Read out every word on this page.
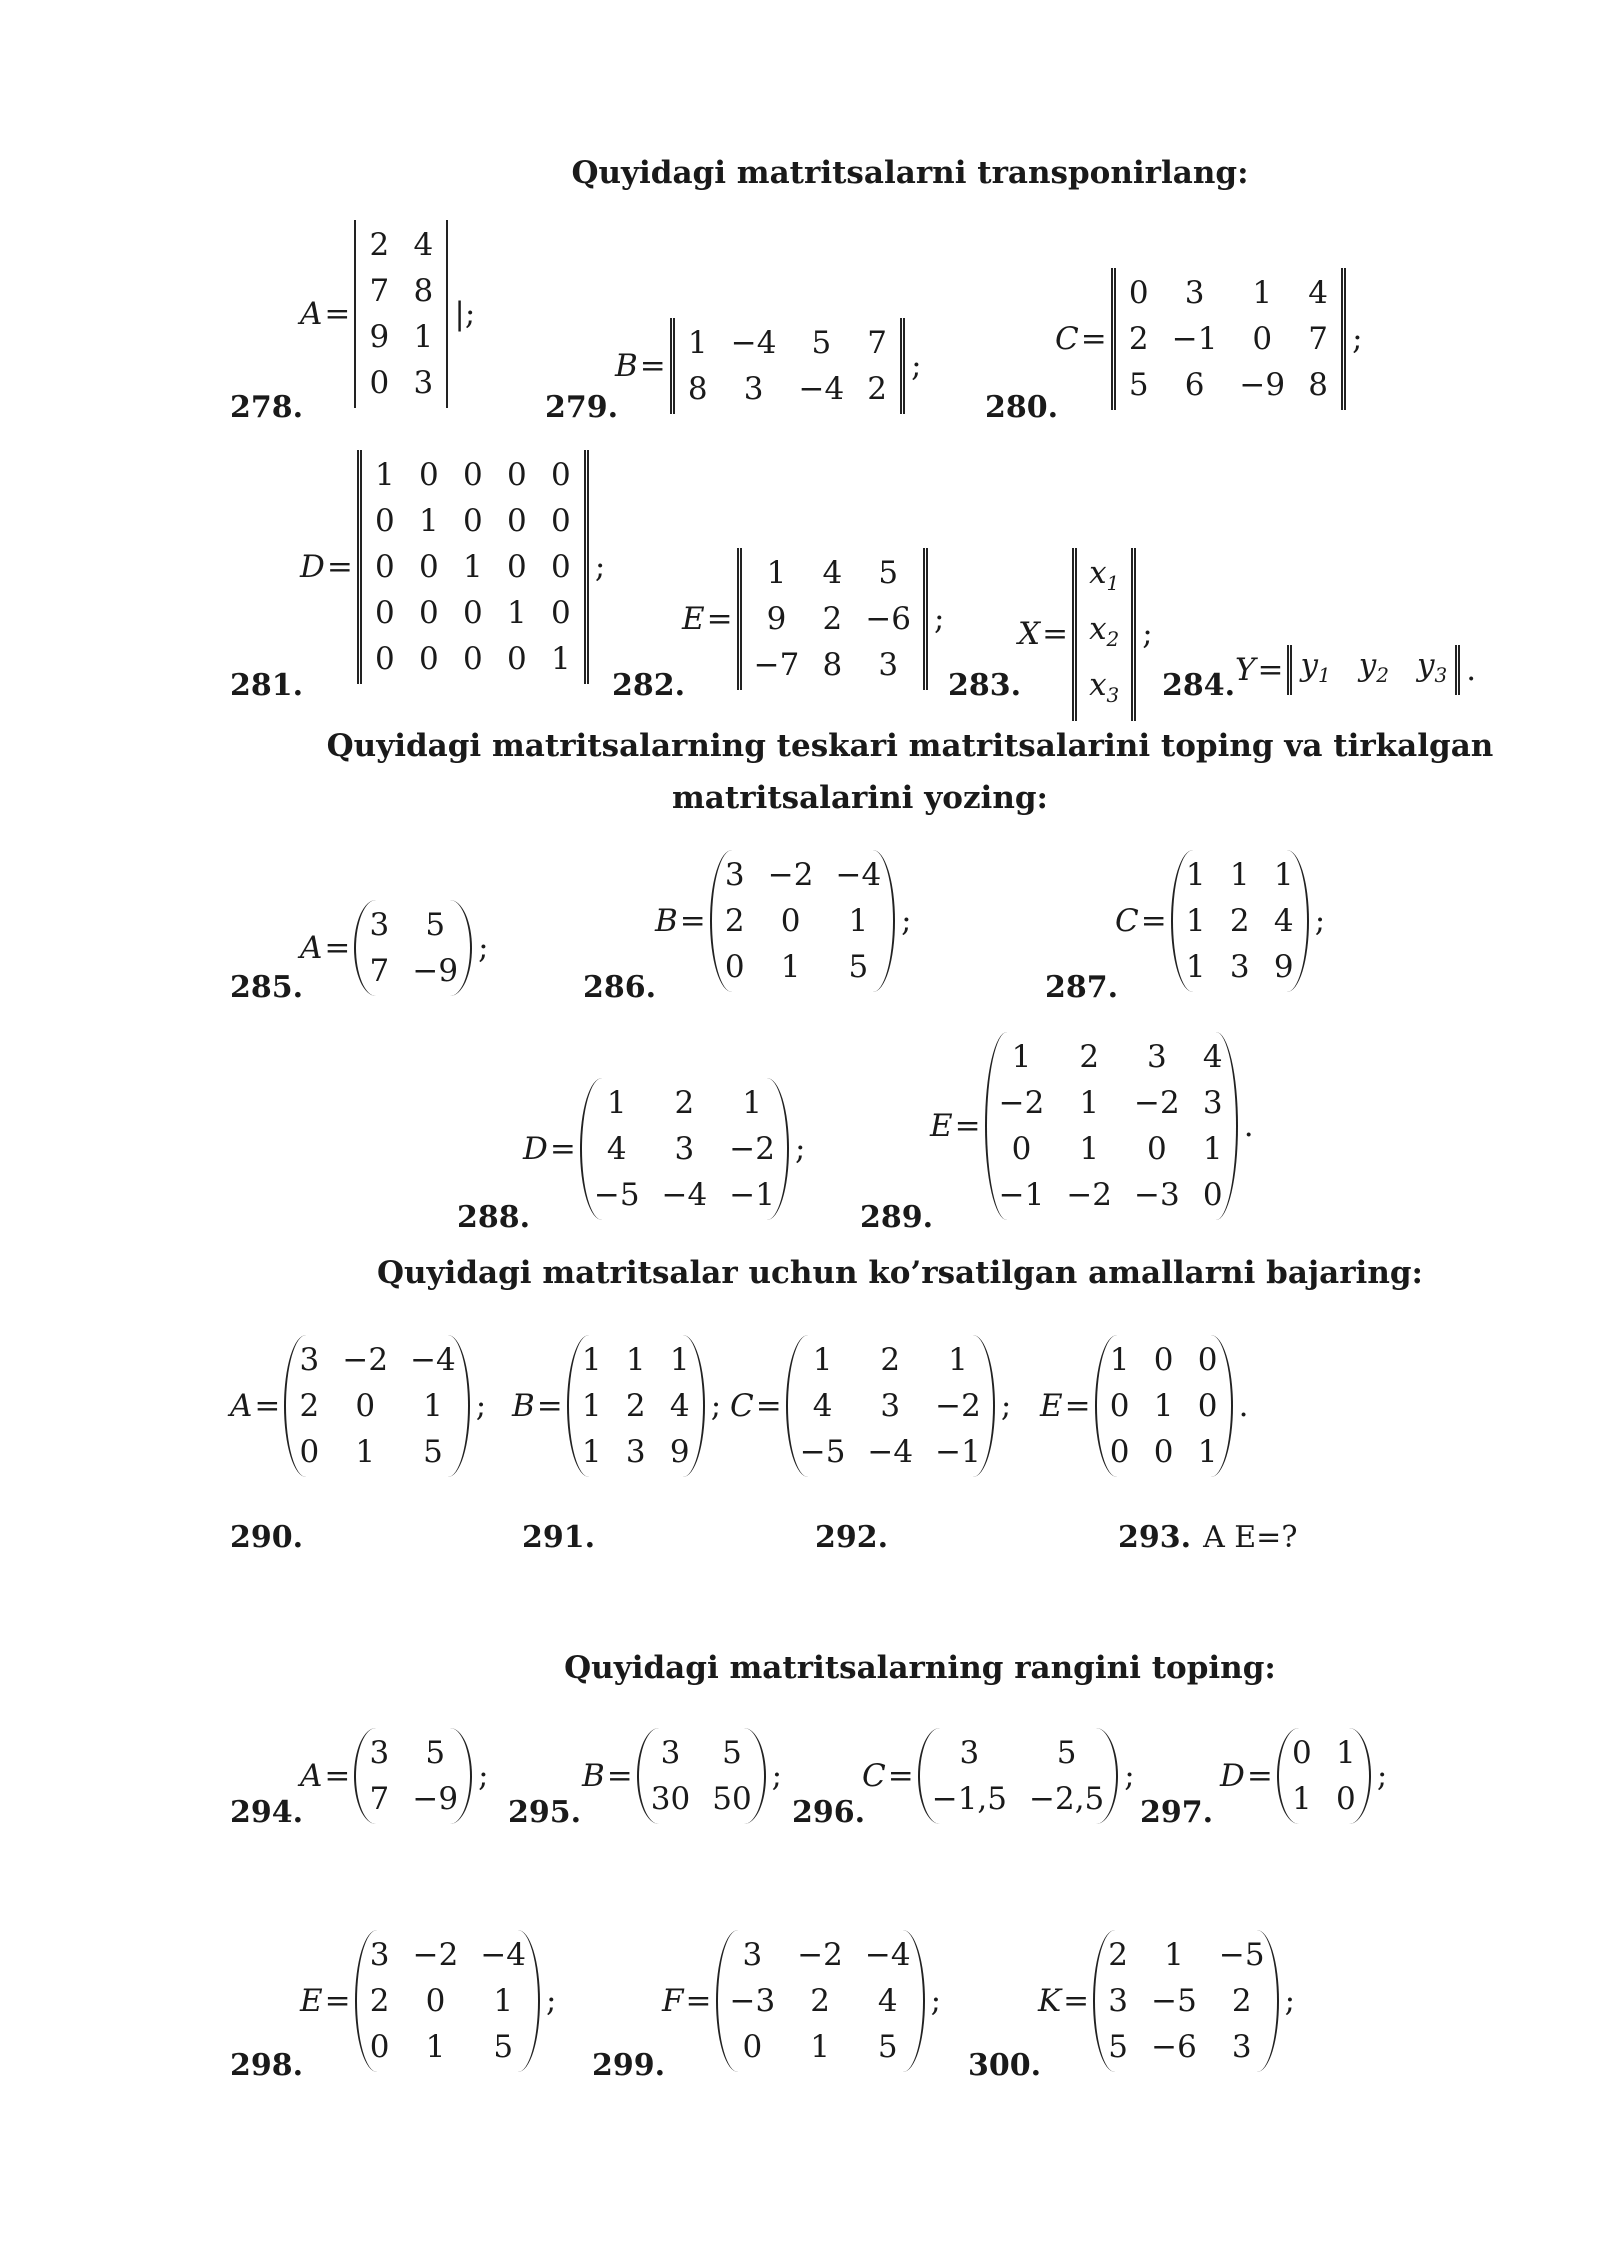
Quyidagi matritsalarni transponirlang:
Quyidagi matritsalarning teskari matritsalarini toping va tirkalgan
matritsalarini yozing:
Quyidagi matritsalar uchun ko’rsatilgan amallarni bajaring:
Quyidagi matritsalarning rangini toping:
278.	279.	280.
281.	282.	283.	284.
285.	286.	287.
288.	289.
290.	291.	292.	293. A E=?
294.	295.	296.	297.
298.	299.	300.
A =
2 4
7 8
9 1
0 3
|;
B =
1 −4	5	7
8	3	−4 2
;
C =
0	3	1	4
2 −1	0	7
5	6	−9 8
;
D =
1 0 0 0 0
0 1 0 0 0
0 0 1 0 0
0 0 0 1 0
0 0 0 0 1
;
E =
1	4	5
9	2 −6
−7 8	3
; X =
$x_1$
$x_2$
$x_3$
;
$Y = y_1$ $y_2$ $y_3$ .
A =
3	5
7 −9
;
B =
3 −2 −4
2	0	1
0	1	5
;	C =
1 1 1
1 2 4
1 3 9
;
D =
1	2	1
4	3	−2
−5 −4 −1
;
E =
1	2	3	4
−2	1	−2 3
0	1	0	1
−1 −2 −3 0
.
A =
3 −2 −4
2	0	1
0	1	5
; B =
1 1 1
1 2 4
1 3 9
; C =
1	2	1
4	3	−2
−5 −4 −1
; E =
1 0 0
0 1 0
0 0 1
.
A =
3	5
7 −9
;	B =
3	5
30 50
;	C =
3	5
−1,5 −2,5
;	D =
0 1
1 0
;
E =
3 −2 −4
2	0	1
0	1	5
;	F =
3	−2 −4
−3	2	4
0	1	5
;	K =
2	1	−5
3 −5	2
5 −6	3
;
